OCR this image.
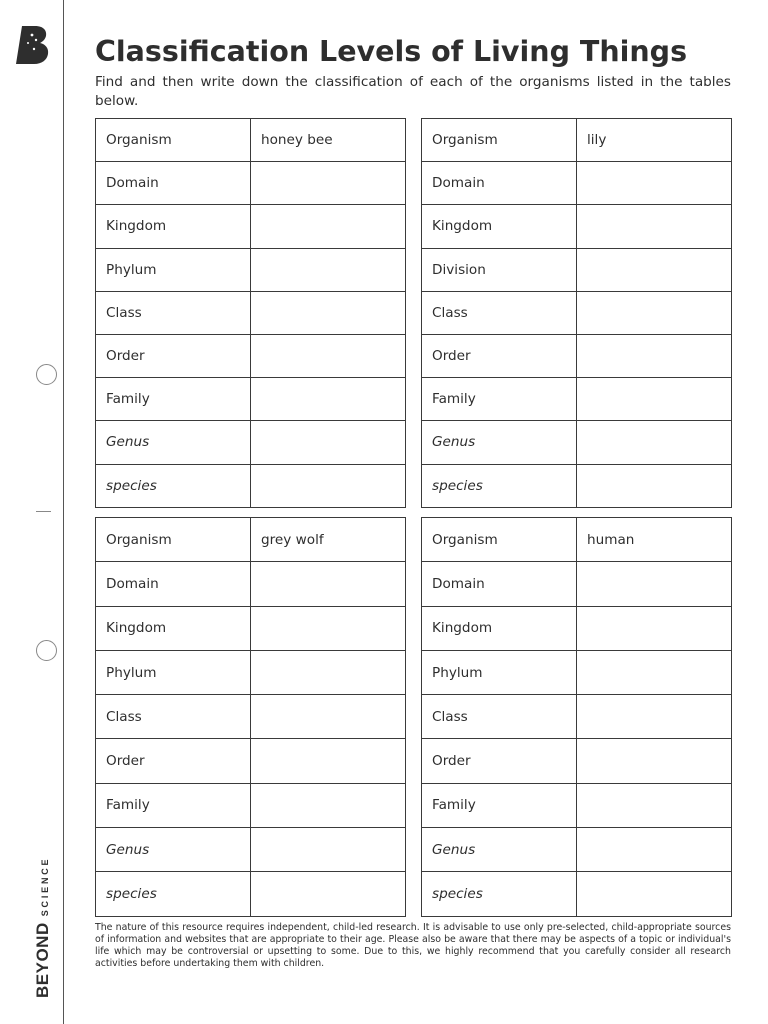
BEYONDSCIENCE
Classification Levels of Living Things

Find and then write down the classification of each of the organisms listed in the tables below.

Organism	honey bee
Domain	
Kingdom	
Phylum	
Class	
Order	
Family	
Genus	
species	
Organism	lily
Domain	
Kingdom	
Division	
Class	
Order	
Family	
Genus	
species	
Organism	grey wolf
Domain	
Kingdom	
Phylum	
Class	
Order	
Family	
Genus	
species	
Organism	human
Domain	
Kingdom	
Phylum	
Class	
Order	
Family	
Genus	
species	

The nature of this resource requires independent, child-led research. It is advisable to use only pre-selected, child-appropriate sources of information and websites that are appropriate to their age. Please also be aware that there may be aspects of a topic or individual's life which may be controversial or upsetting to some. Due to this, we highly recommend that you carefully consider all research activities before undertaking them with children.
